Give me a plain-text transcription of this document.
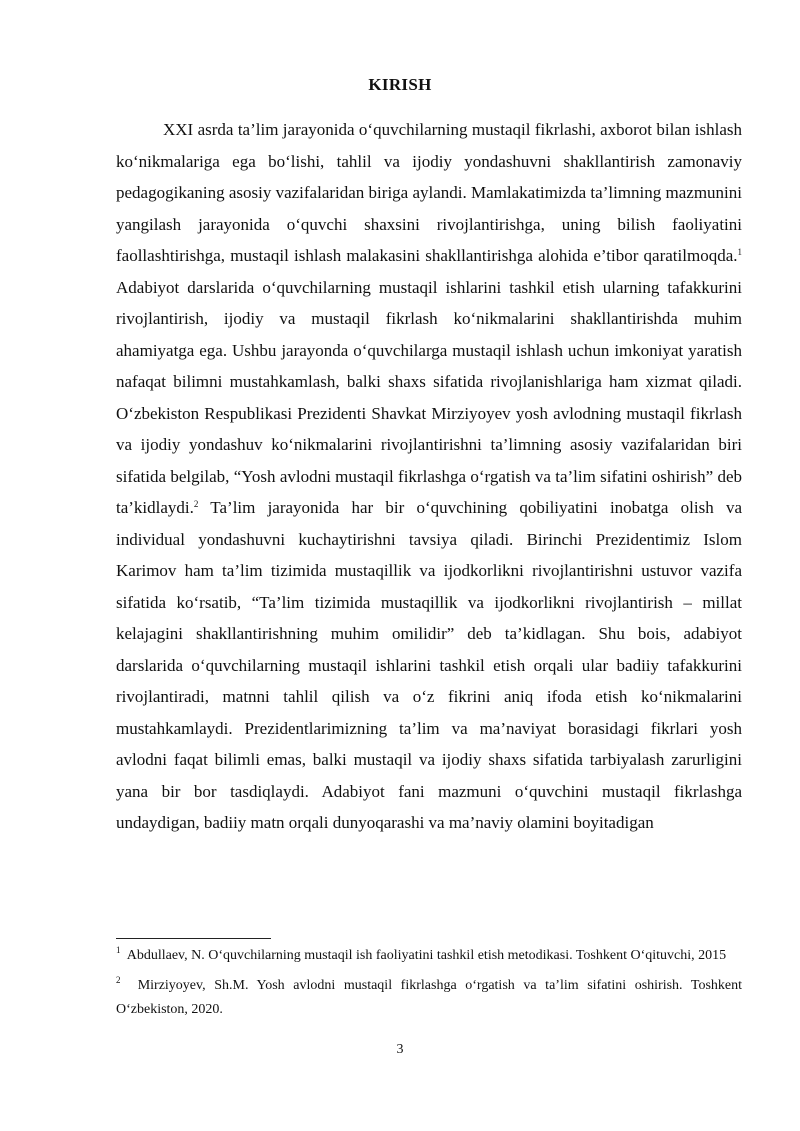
KIRISH

XXI asrda ta’lim jarayonida o‘quvchilarning mustaqil fikrlashi, axborot bilan ishlash ko‘nikmalariga ega bo‘lishi, tahlil va ijodiy yondashuvni shakllantirish zamonaviy pedagogikaning asosiy vazifalaridan biriga aylandi. Mamlakatimizda ta’limning mazmunini yangilash jarayonida o‘quvchi shaxsini rivojlantirishga, uning bilish faoliyatini faollashtirishga, mustaqil ishlash malakasini shakllantirishga alohida e’tibor qaratilmoqda.$^1$ Adabiyot darslarida o‘quvchilarning mustaqil ishlarini tashkil etish ularning tafakkurini rivojlantirish, ijodiy va mustaqil fikrlash ko‘nikmalarini shakllantirishda muhim ahamiyatga ega. Ushbu jarayonda o‘quvchilarga mustaqil ishlash uchun imkoniyat yaratish nafaqat bilimni mustahkamlash, balki shaxs sifatida rivojlanishlariga ham xizmat qiladi. O‘zbekiston Respublikasi Prezidenti Shavkat Mirziyoyev yosh avlodning mustaqil fikrlash va ijodiy yondashuv ko‘nikmalarini rivojlantirishni ta’limning asosiy vazifalaridan biri sifatida belgilab, “Yosh avlodni mustaqil fikrlashga o‘rgatish va ta’lim sifatini oshirish” deb ta’kidlaydi.$^2$ Ta’lim jarayonida har bir o‘quvchining qobiliyatini inobatga olish va individual yondashuvni kuchaytirishni tavsiya qiladi. Birinchi Prezidentimiz Islom Karimov ham ta’lim tizimida mustaqillik va ijodkorlikni rivojlantirishni ustuvor vazifa sifatida ko‘rsatib, “Ta’lim tizimida mustaqillik va ijodkorlikni rivojlantirish – millat kelajagini shakllantirishning muhim omilidir” deb ta’kidlagan. Shu bois, adabiyot darslarida o‘quvchilarning mustaqil ishlarini tashkil etish orqali ular badiiy tafakkurini rivojlantiradi, matnni tahlil qilish va o‘z fikrini aniq ifoda etish ko‘nikmalarini mustahkamlaydi. Prezidentlarimizning ta’lim va ma’naviyat borasidagi fikrlari yosh avlodni faqat bilimli emas, balki mustaqil va ijodiy shaxs sifatida tarbiyalash zarurligini yana bir bor tasdiqlaydi. Adabiyot fani mazmuni o‘quvchini mustaqil fikrlashga undaydigan, badiiy matn orqali dunyoqarashi va ma’naviy olamini boyitadigan

$^1$ Abdullaev, N. O‘quvchilarning mustaqil ish faoliyatini tashkil etish metodikasi. Toshkent O‘qituvchi, 2015

$^2$ Mirziyoyev, Sh.M. Yosh avlodni mustaqil fikrlashga o‘rgatish va ta’lim sifatini oshirish. Toshkent O‘zbekiston, 2020.

3
